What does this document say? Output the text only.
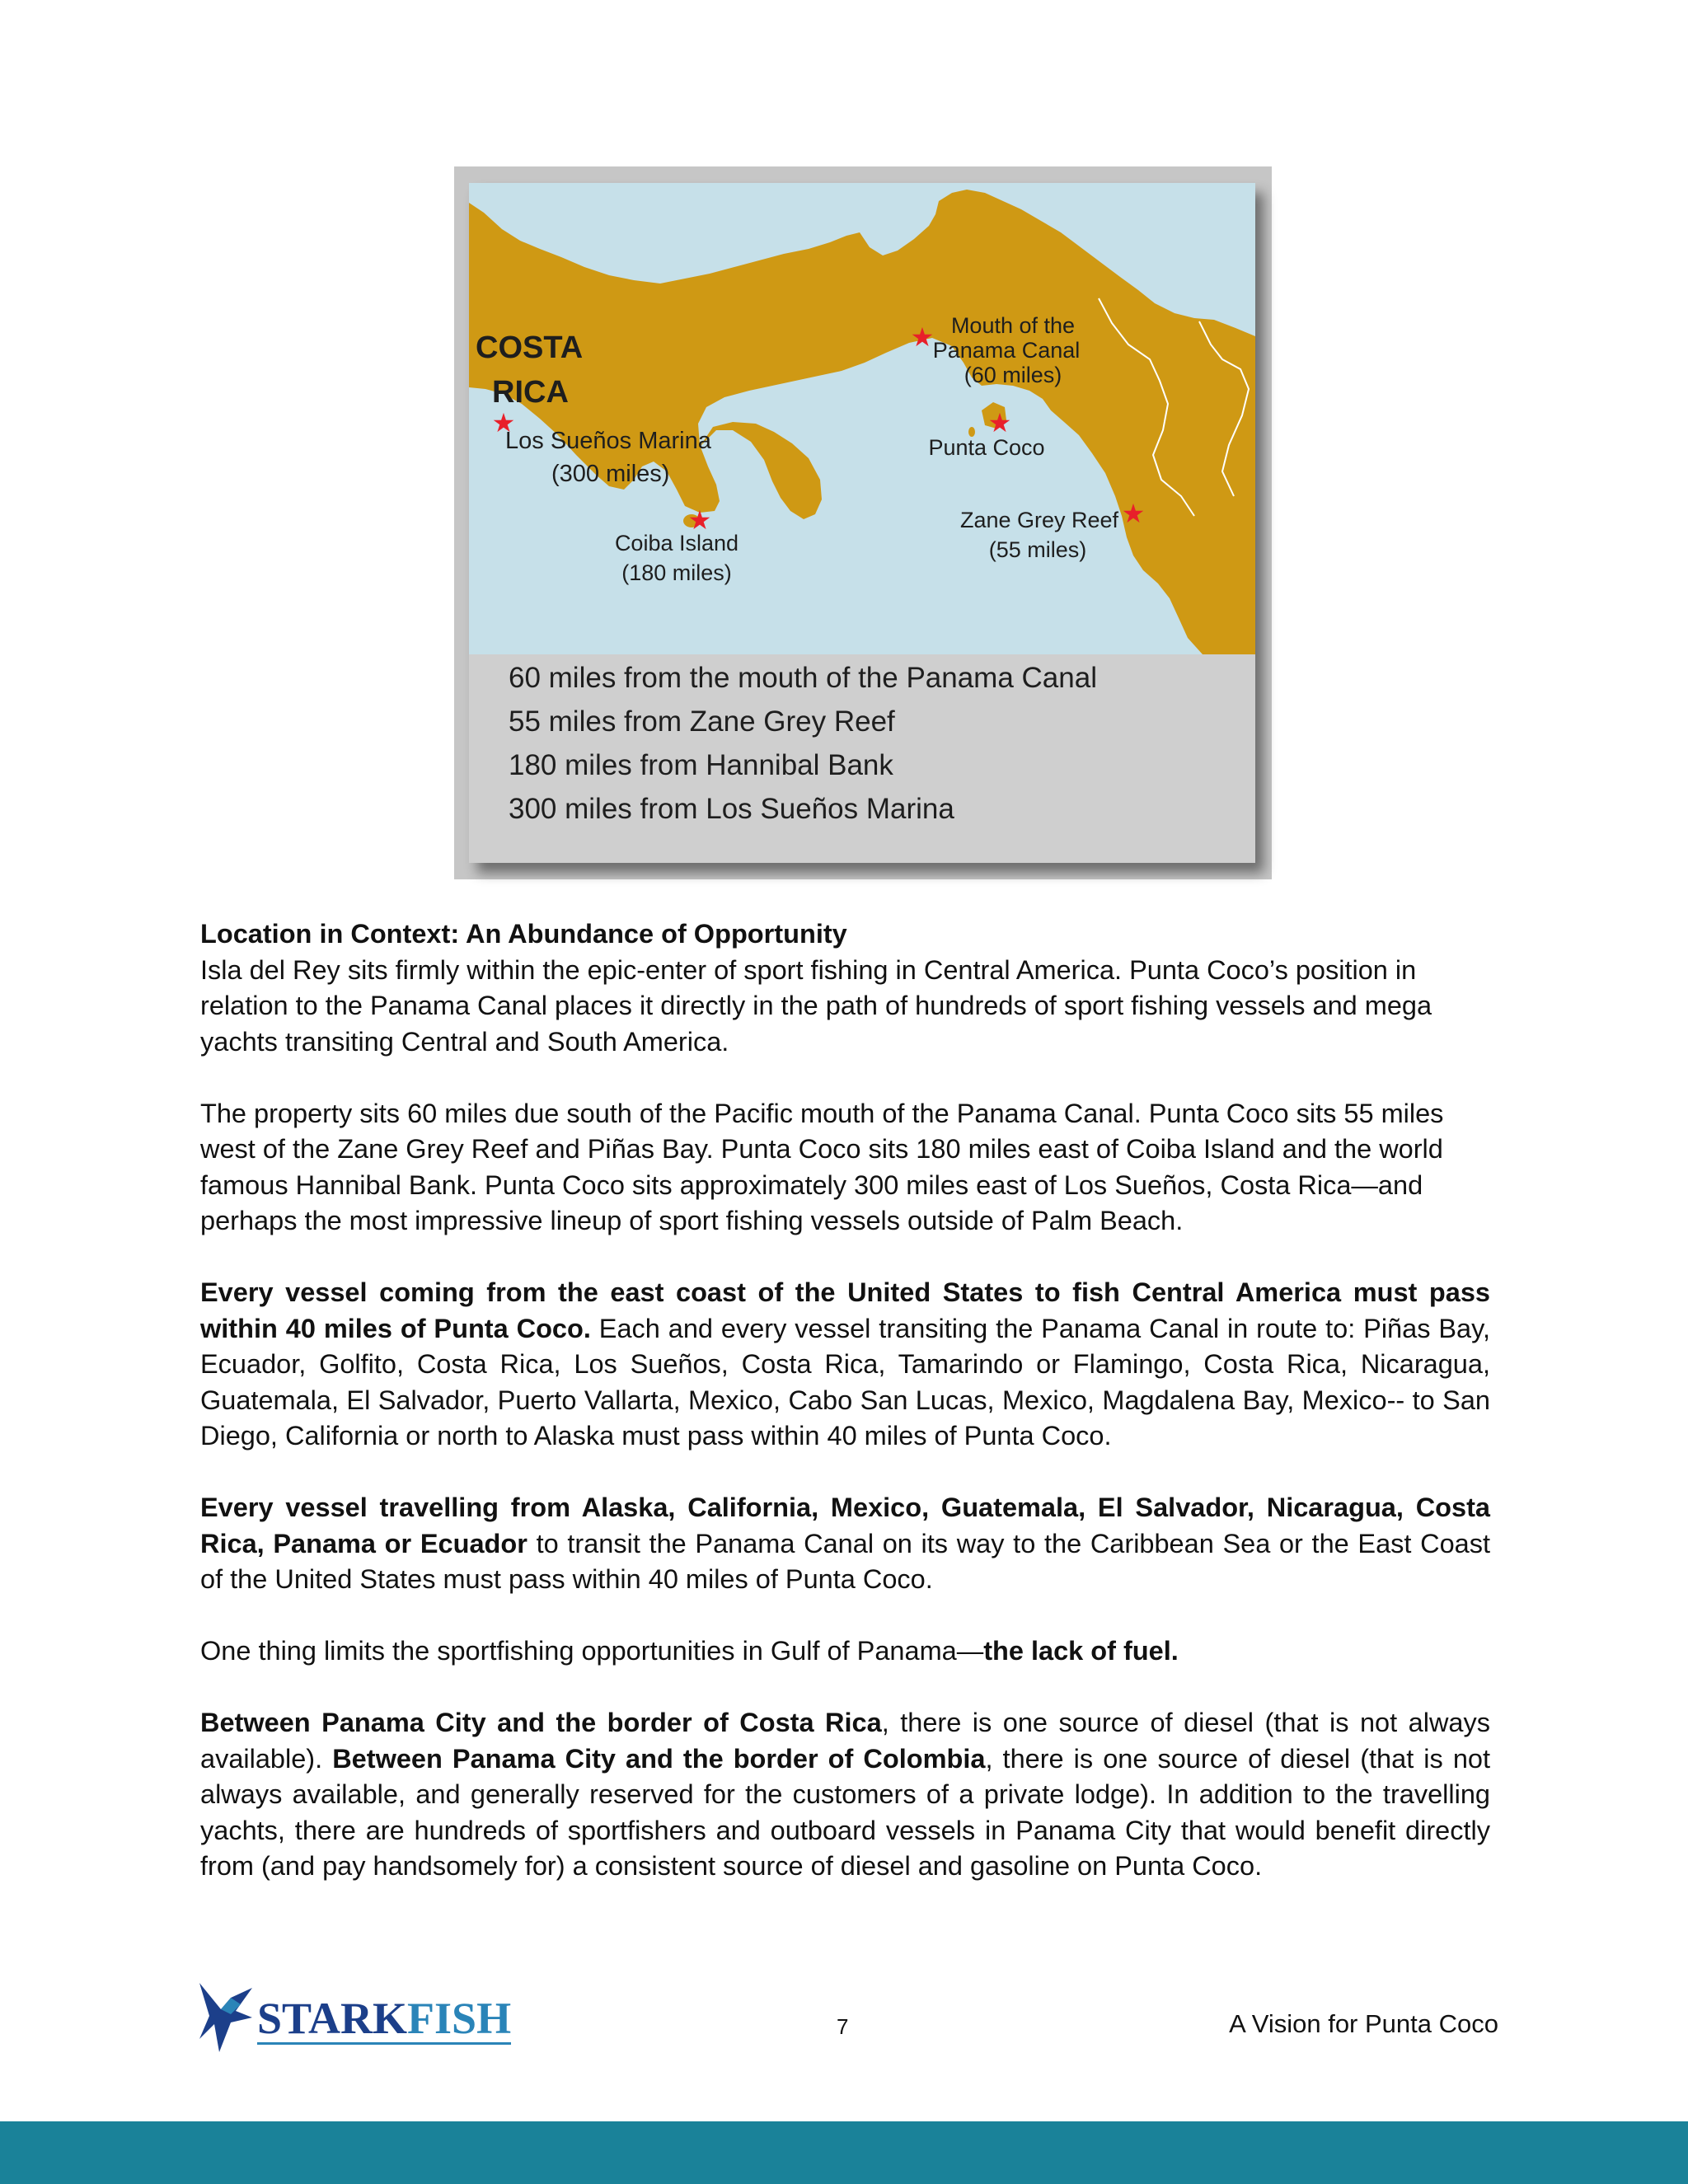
★
★
★
★
★
COSTA
RICA
Los Sueños Marina
(300 miles)
Coiba Island
(180 miles)
Mouth of the
Panama Canal
(60 miles)
Punta Coco
Zane Grey Reef
(55 miles)
60 miles from the mouth of the Panama Canal
55 miles from Zane Grey Reef
180 miles from Hannibal Bank
300 miles from Los Sueños Marina
Location in Context: An Abundance of Opportunity

Isla del Rey sits firmly within the epic-enter of sport fishing in Central America. Punta Coco’s position in relation to the Panama Canal places it directly in the path of hundreds of sport fishing vessels and mega yachts transiting Central and South America.

The property sits 60 miles due south of the Pacific mouth of the Panama Canal. Punta Coco sits 55 miles west of the Zane Grey Reef and Piñas Bay. Punta Coco sits 180 miles east of Coiba Island and the world famous Hannibal Bank. Punta Coco sits approximately 300 miles east of Los Sueños, Costa Rica—and perhaps the most impressive lineup of sport fishing vessels outside of Palm Beach.

Every vessel coming from the east coast of the United States to fish Central America must pass within 40 miles of Punta Coco. Each and every vessel transiting the Panama Canal in route to: Piñas Bay, Ecuador, Golfito, Costa Rica, Los Sueños, Costa Rica, Tamarindo or Flamingo, Costa Rica, Nicaragua, Guatemala, El Salvador, Puerto Vallarta, Mexico, Cabo San Lucas, Mexico, Magdalena Bay, Mexico-- to San Diego, California or north to Alaska must pass within 40 miles of Punta Coco.

Every vessel travelling from Alaska, California, Mexico, Guatemala, El Salvador, Nicaragua, Costa Rica, Panama or Ecuador to transit the Panama Canal on its way to the Caribbean Sea or the East Coast of the United States must pass within 40 miles of Punta Coco.

One thing limits the sportfishing opportunities in Gulf of Panama—the lack of fuel.

Between Panama City and the border of Costa Rica, there is one source of diesel (that is not always available). Between Panama City and the border of Colombia, there is one source of diesel (that is not always available, and generally reserved for the customers of a private lodge). In addition to the travelling yachts, there are hundreds of sportfishers and outboard vessels in Panama City that would benefit directly from (and pay handsomely for) a consistent source of diesel and gasoline on Punta Coco.

STARKFISH	7	A Vision for Punta Coco
